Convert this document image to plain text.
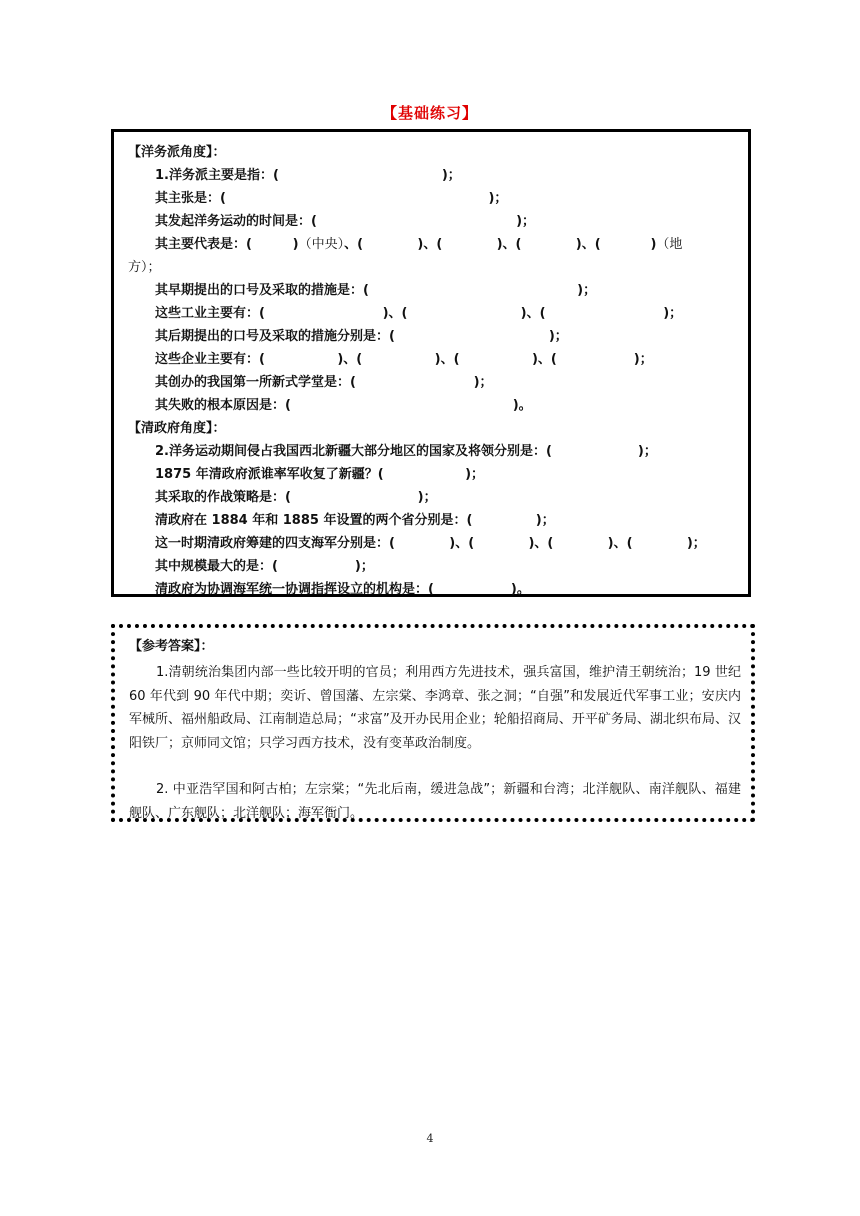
【基础练习】
【洋务派角度】：
1.洋务派主要是指：(                                    )；
其主张是：(                                                          )；
其发起洋务运动的时间是：(                                            )；
其主要代表是：(         )（中央）、(            )、(            )、(            )、(           )（地
方）；
其早期提出的口号及采取的措施是：(                                              )；
这些工业主要有：(                          )、(                         )、(                          )；
其后期提出的口号及采取的措施分别是：(                                  )；
这些企业主要有：(                )、(                )、(                )、(                 )；
其创办的我国第一所新式学堂是：(                          )；
其失败的根本原因是：(                                                 )。
【清政府角度】：
2.洋务运动期间侵占我国西北新疆大部分地区的国家及将领分别是：(                   )；
1875 年清政府派谁率军收复了新疆？(                  )；
其采取的作战策略是：(                            )；
清政府在 1884 年和 1885 年设置的两个省分别是：(              )；
这一时期清政府筹建的四支海军分别是：(            )、(            )、(            )、(            )；
其中规模最大的是：(                 )；
清政府为协调海军统一协调指挥设立的机构是：(                 )。
【参考答案】：
1.清朝统治集团内部一些比较开明的官员；利用西方先进技术，强兵富国，维护清王朝统治；19 世纪 60 年代到 90 年代中期；奕䜣、曾国藩、左宗棠、李鸿章、张之洞；“自强”和发展近代军事工业；安庆内军械所、福州船政局、江南制造总局；“求富”及开办民用企业；轮船招商局、开平矿务局、湖北织布局、汉阳铁厂；京师同文馆；只学习西方技术，没有变革政治制度。
2. 中亚浩罕国和阿古柏；左宗棠；“先北后南，缓进急战”；新疆和台湾；北洋舰队、南洋舰队、福建舰队、广东舰队；北洋舰队；海军衙门。
4
